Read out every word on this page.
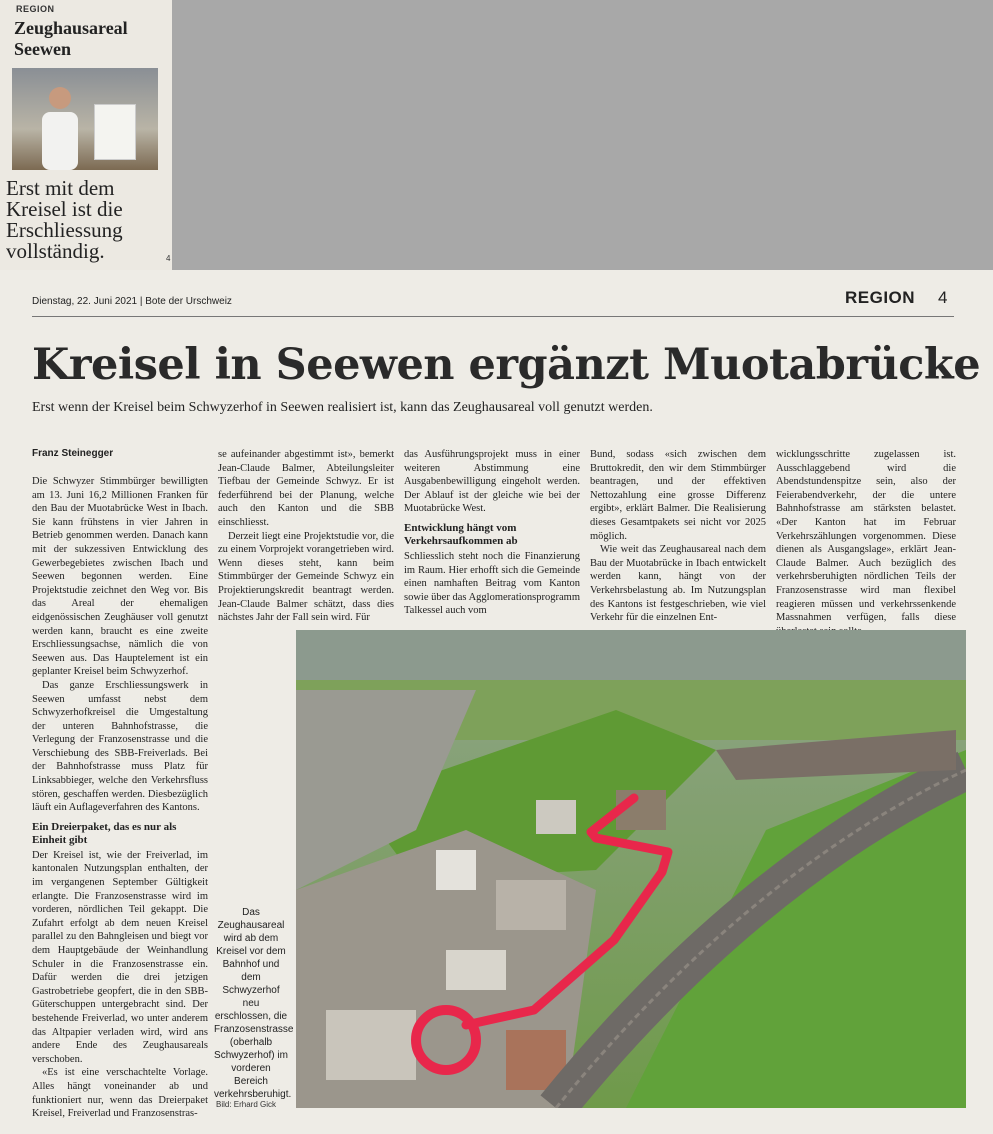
REGION
Zeughausareal Seewen
Erst mit dem Kreisel ist die Erschliessung vollständig.	4
Dienstag, 22. Juni 2021 | Bote der Urschweiz	REGION 4
Kreisel in Seewen ergänzt Muotabrücke
Erst wenn der Kreisel beim Schwyzerhof in Seewen realisiert ist, kann das Zeughausareal voll genutzt werden.

Franz Steinegger

Die Schwyzer Stimmbürger bewilligten am 13. Juni 16,2 Millionen Franken für den Bau der Muotabrücke West in Ibach. Sie kann frühstens in vier Jahren in Betrieb genommen werden. Danach kann mit der sukzessiven Entwicklung des Gewerbegebietes zwischen Ibach und Seewen begonnen werden. Eine Projektstudie zeichnet den Weg vor. Bis das Areal der ehemaligen eidgenössischen Zeughäuser voll genutzt werden kann, braucht es eine zweite Erschliessungsachse, nämlich die von Seewen aus. Das Hauptelement ist ein geplanter Kreisel beim Schwyzerhof.

Das ganze Erschliessungswerk in Seewen umfasst nebst dem Schwyzerhofkreisel die Umgestaltung der unteren Bahnhofstrasse, die Verlegung der Franzosenstrasse und die Verschiebung des SBB-Freiverlads. Bei der Bahnhofstrasse muss Platz für Linksabbieger, welche den Verkehrsfluss stören, geschaffen werden. Diesbezüglich läuft ein Auflageverfahren des Kantons.

Ein Dreierpaket, das es nur als Einheit gibt

Der Kreisel ist, wie der Freiverlad, im kantonalen Nutzungsplan enthalten, der im vergangenen September Gültigkeit erlangte. Die Franzosenstrasse wird im vorderen, nördlichen Teil gekappt. Die Zufahrt erfolgt ab dem neuen Kreisel parallel zu den Bahngleisen und biegt vor dem Hauptgebäude der Weinhandlung Schuler in die Franzosenstrasse ein. Dafür werden die drei jetzigen Gastrobetriebe geopfert, die in den SBB-Güterschuppen untergebracht sind. Der bestehende Freiverlad, wo unter anderem das Altpapier verladen wird, wird ans andere Ende des Zeughausareals verschoben.

«Es ist eine verschachtelte Vorlage. Alles hängt voneinander ab und funktioniert nur, wenn das Dreierpaket Kreisel, Freiverlad und Franzosenstras-

se aufeinander abgestimmt ist», bemerkt Jean-Claude Balmer, Abteilungsleiter Tiefbau der Gemeinde Schwyz. Er ist federführend bei der Planung, welche auch den Kanton und die SBB einschliesst.

Derzeit liegt eine Projektstudie vor, die zu einem Vorprojekt vorangetrieben wird. Wenn dieses steht, kann beim Stimmbürger der Gemeinde Schwyz ein Projektierungskredit beantragt werden. Jean-Claude Balmer schätzt, dass dies nächstes Jahr der Fall sein wird. Für

das Ausführungsprojekt muss in einer weiteren Abstimmung eine Ausgabenbewilligung eingeholt werden. Der Ablauf ist der gleiche wie bei der Muotabrücke West.

Entwicklung hängt vom Verkehrsaufkommen ab

Schliesslich steht noch die Finanzierung im Raum. Hier erhofft sich die Gemeinde einen namhaften Beitrag vom Kanton sowie über das Agglomerationsprogramm Talkessel auch vom

Bund, sodass «sich zwischen dem Bruttokredit, den wir dem Stimmbürger beantragen, und der effektiven Nettozahlung eine grosse Differenz ergibt», erklärt Balmer. Die Realisierung dieses Gesamtpakets sei nicht vor 2025 möglich.

Wie weit das Zeughausareal nach dem Bau der Muotabrücke in Ibach entwickelt werden kann, hängt von der Verkehrsbelastung ab. Im Nutzungsplan des Kantons ist festgeschrieben, wie viel Verkehr für die einzelnen Ent-

wicklungsschritte zugelassen ist. Ausschlaggebend wird die Abendstundenspitze sein, also der Feierabendverkehr, der die untere Bahnhofstrasse am stärksten belastet. «Der Kanton hat im Februar Verkehrszählungen vorgenommen. Diese dienen als Ausgangslage», erklärt Jean-Claude Balmer. Auch bezüglich des verkehrsberuhigten nördlichen Teils der Franzosenstrasse wird man flexibel reagieren müssen und verkehrssenkende Massnahmen verfügen, falls diese

Das Zeughausareal wird ab dem Kreisel vor dem Bahnhof und dem Schwyzerhof neu erschlossen, die Franzosenstrasse (oberhalb Schwyzerhof) im vorderen Bereich verkehrsberuhigt.
Bild: Erhard Gick
